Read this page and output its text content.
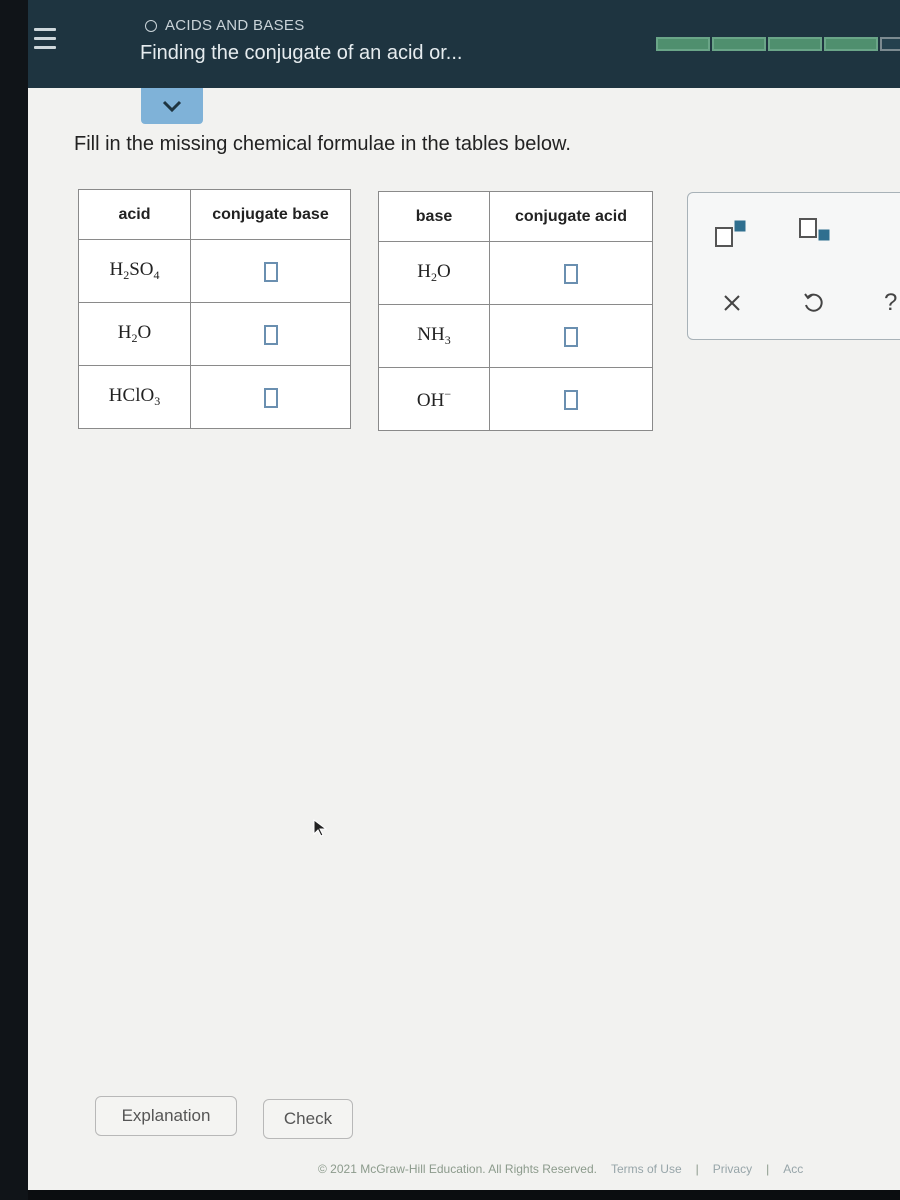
ACIDS AND BASES
Finding the conjugate of an acid or...
Fill in the missing chemical formulae in the tables below.
acid	conjugate base
$H_2SO_4$	
$H_2O$	
HClO$_3$	
base	conjugate acid
$H_2O$	
$NH_3$	
OH−	
?
Explanation	Check
© 2021 McGraw-Hill Education. All Rights Reserved. Terms of Use | Privacy | Acc
